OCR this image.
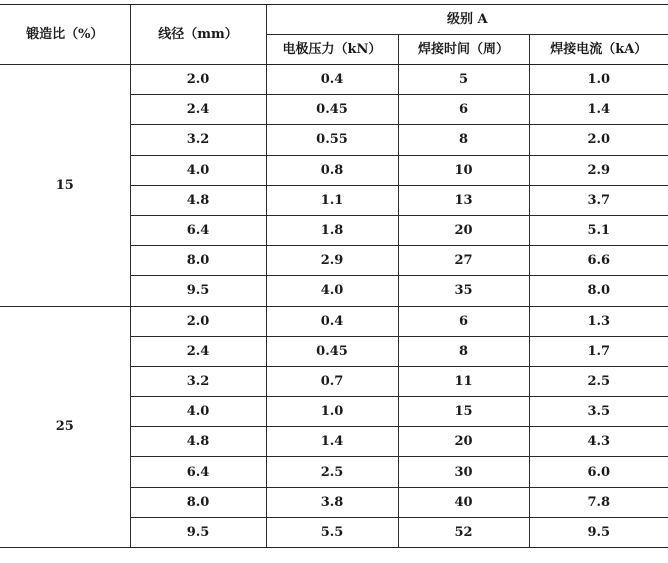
锻造比（%）	线径（mm）	级别 A		
		电极压力（kN）	焊接时间（周）	焊接电流（kA）
15	2.0	0.4	5	1.0
	2.4	0.45	6	1.4
	3.2	0.55	8	2.0
	4.0	0.8	10	2.9
	4.8	1.1	13	3.7
	6.4	1.8	20	5.1
	8.0	2.9	27	6.6
	9.5	4.0	35	8.0
25	2.0	0.4	6	1.3
	2.4	0.45	8	1.7
	3.2	0.7	11	2.5
	4.0	1.0	15	3.5
	4.8	1.4	20	4.3
	6.4	2.5	30	6.0
	8.0	3.8	40	7.8
	9.5	5.5	52	9.5
